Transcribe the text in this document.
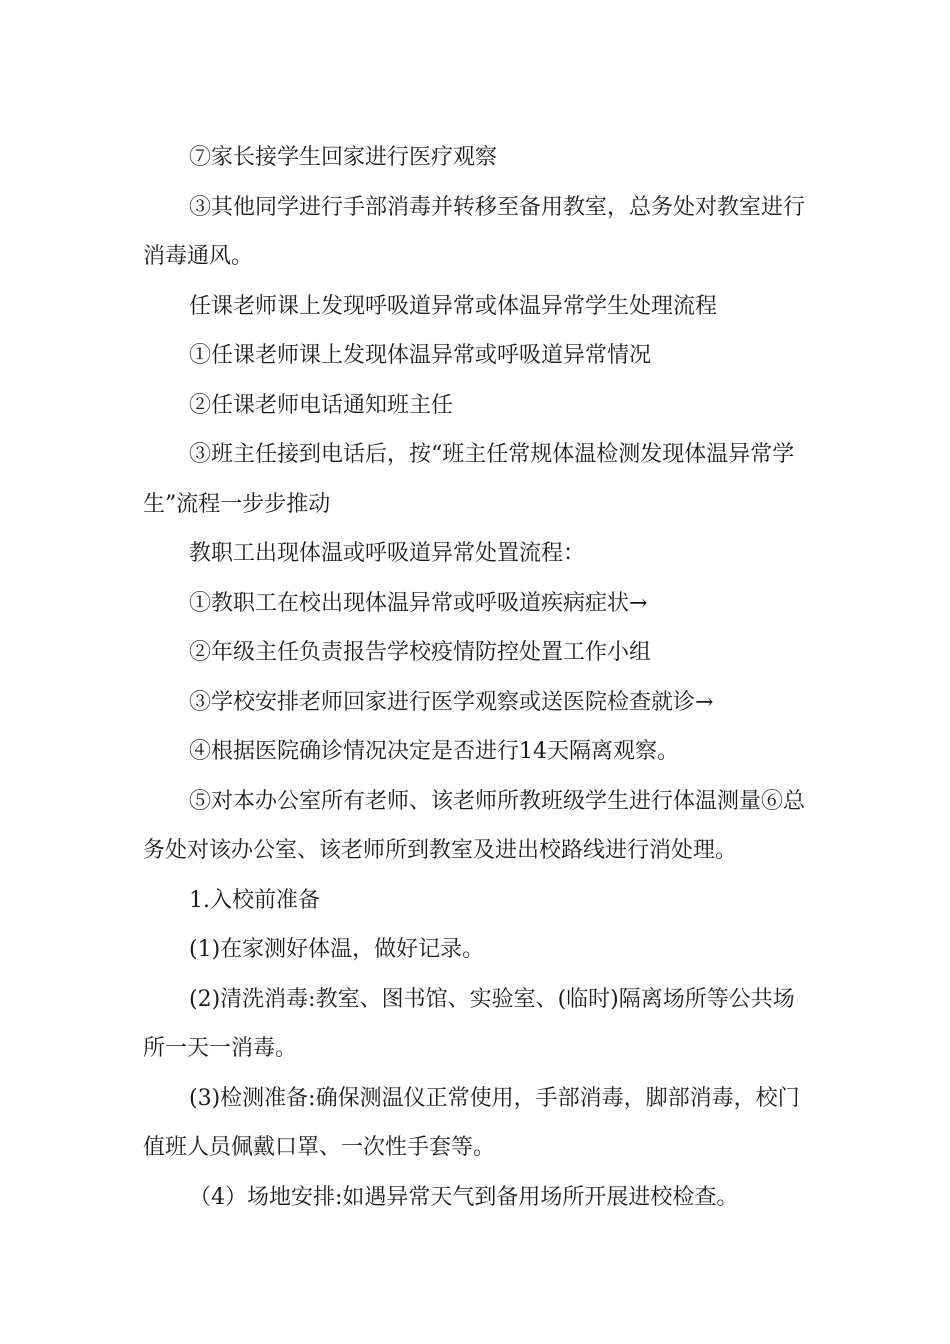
⑦家长接学生回家进行医疗观察

③其他同学进行手部消毒并转移至备用教室，总务处对教室进行消毒通风。

任课老师课上发现呼吸道异常或体温异常学生处理流程

①任课老师课上发现体温异常或呼吸道异常情况

②任课老师电话通知班主任

③班主任接到电话后，按“班主任常规体温检测发现体温异常学生”流程一步步推动

教职工出现体温或呼吸道异常处置流程：

①教职工在校出现体温异常或呼吸道疾病症状→

②年级主任负责报告学校疫情防控处置工作小组

③学校安排老师回家进行医学观察或送医院检查就诊→

④根据医院确诊情况决定是否进行14天隔离观察。

⑤对本办公室所有老师、该老师所教班级学生进行体温测量⑥总务处对该办公室、该老师所到教室及进出校路线进行消处理。

1.入校前准备

(1)在家测好体温，做好记录。

(2)清洗消毒:教室、图书馆、实验室、(临时)隔离场所等公共场所一天一消毒。

(3)检测准备:确保测温仪正常使用，手部消毒，脚部消毒，校门值班人员佩戴口罩、一次性手套等。

（4）场地安排:如遇异常天气到备用场所开展进校检查。
